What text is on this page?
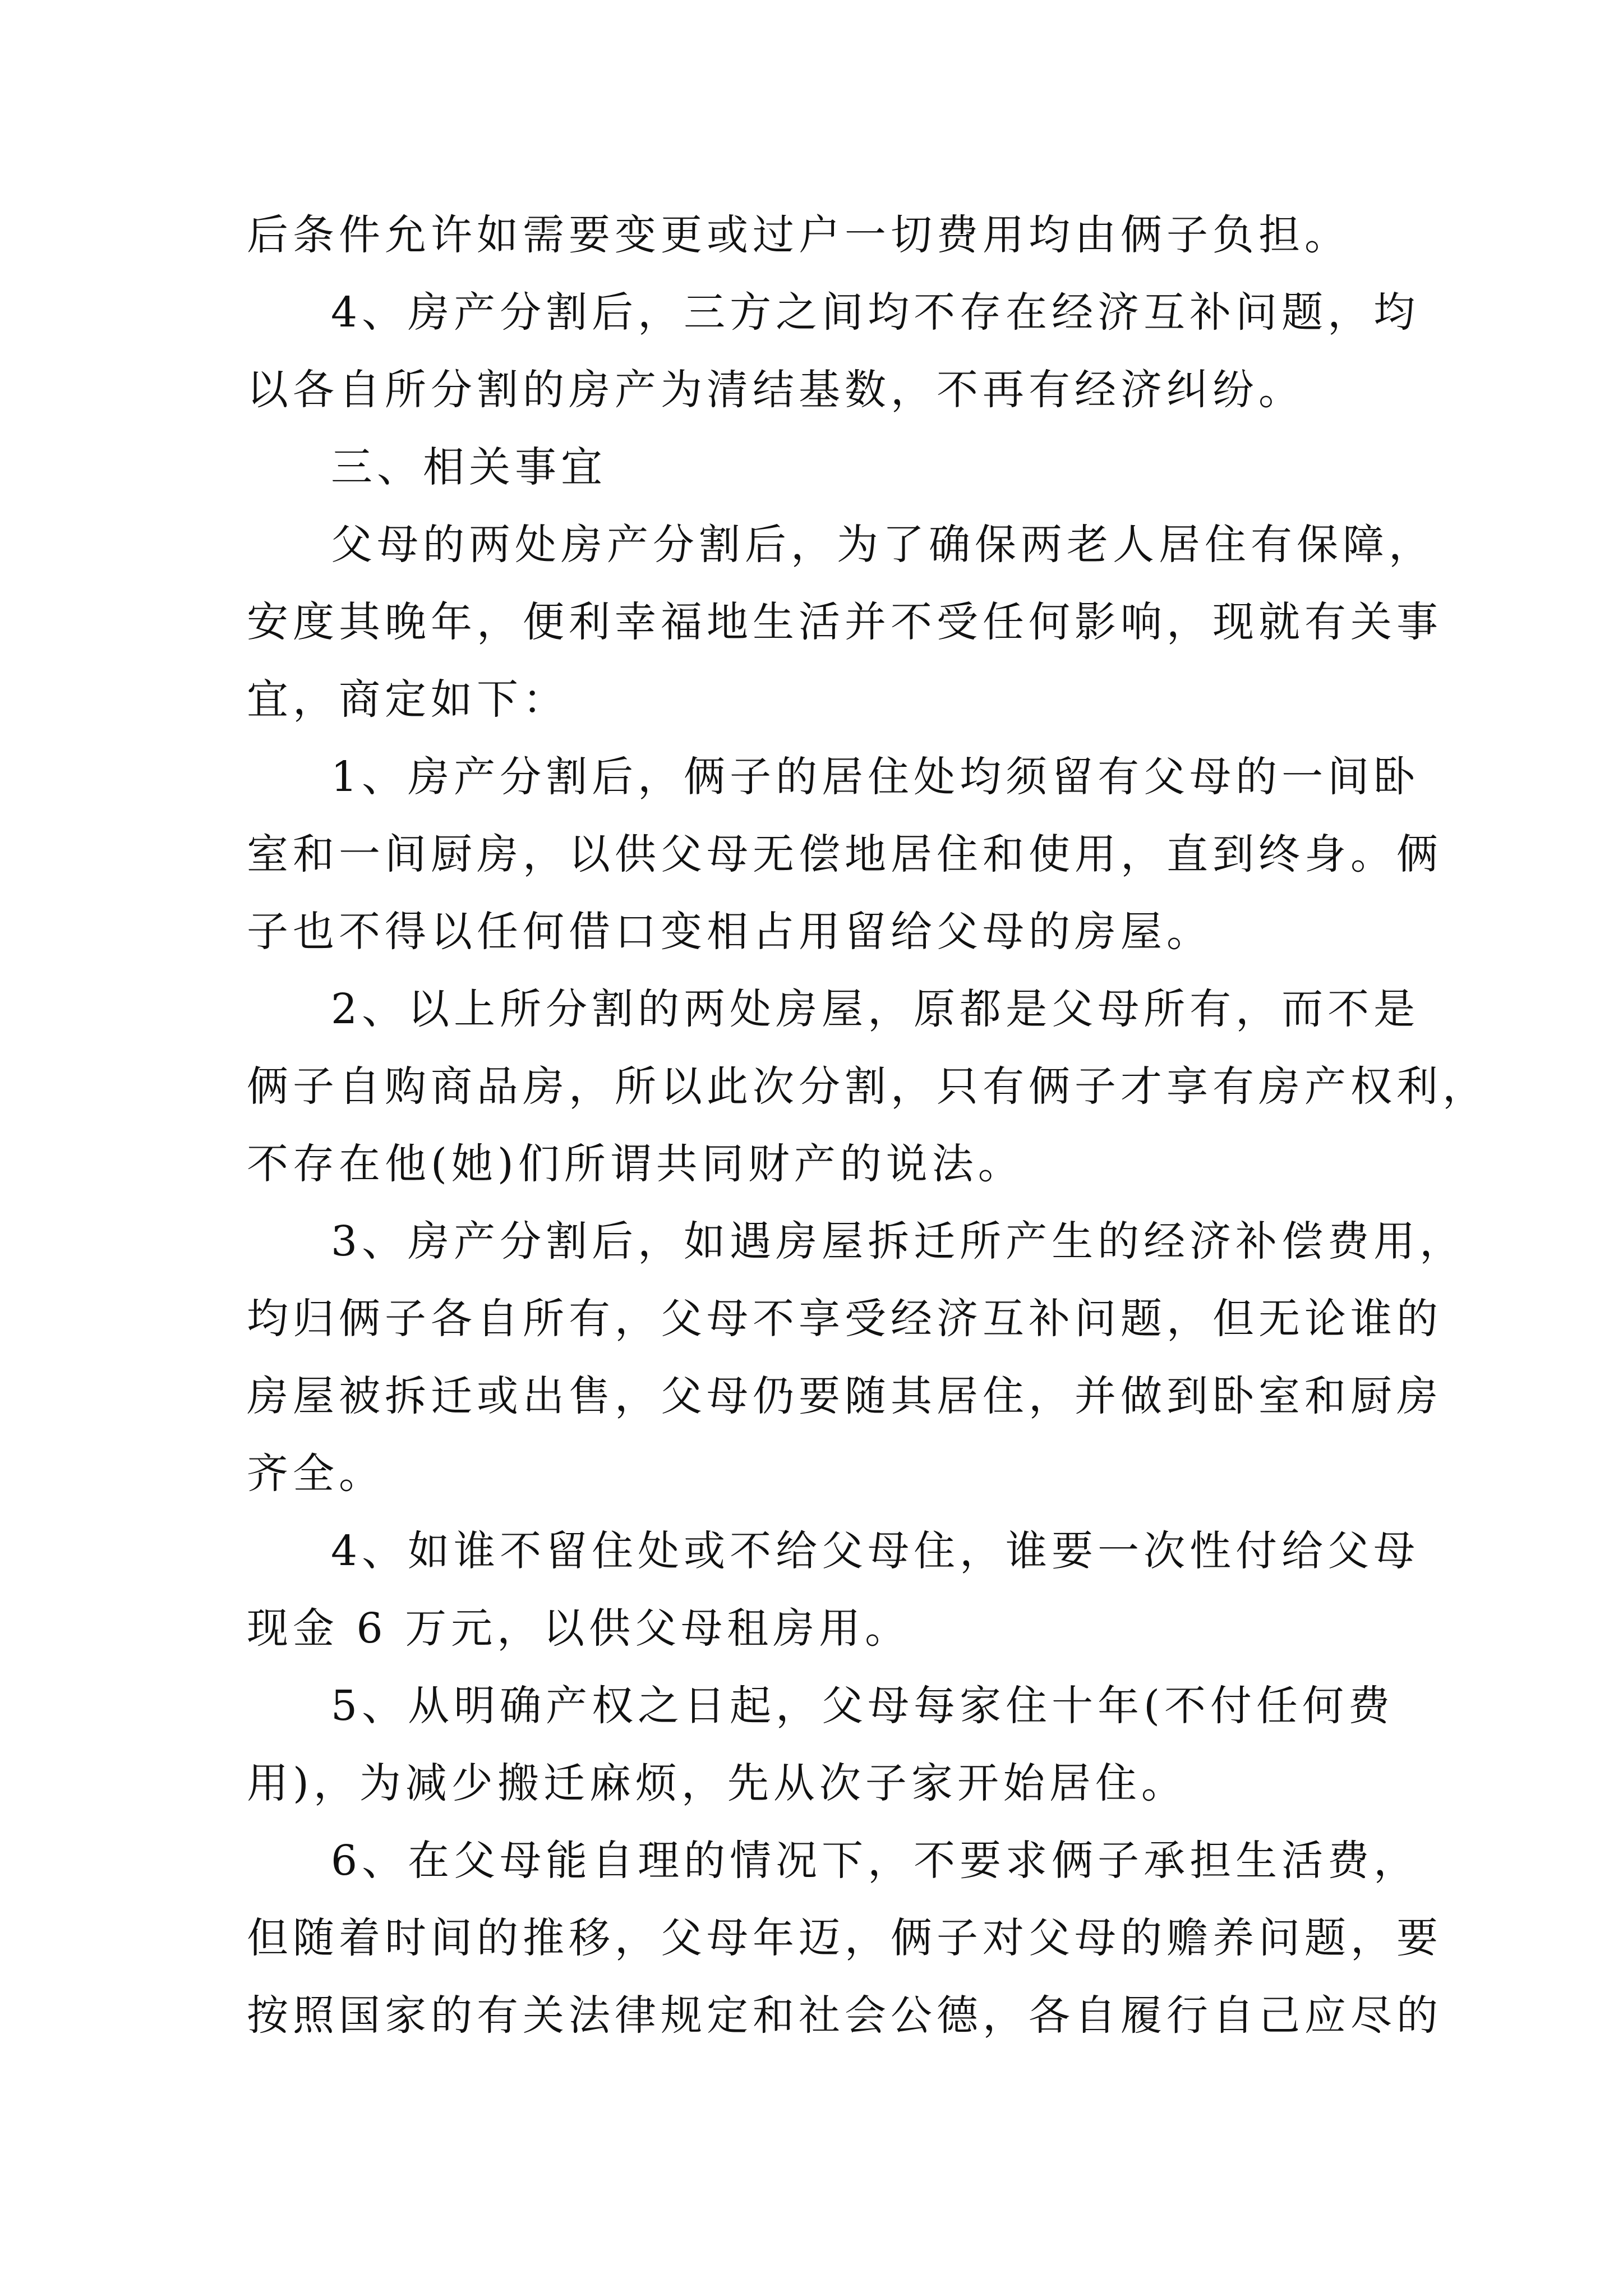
后条件允许如需要变更或过户一切费用均由俩子负担。
4、房产分割后，三方之间均不存在经济互补问题，均
以各自所分割的房产为清结基数，不再有经济纠纷。
三、相关事宜
父母的两处房产分割后，为了确保两老人居住有保障，
安度其晚年，便利幸福地生活并不受任何影响，现就有关事
宜，商定如下：
1、房产分割后，俩子的居住处均须留有父母的一间卧
室和一间厨房，以供父母无偿地居住和使用，直到终身。俩
子也不得以任何借口变相占用留给父母的房屋。
2、以上所分割的两处房屋，原都是父母所有，而不是
俩子自购商品房，所以此次分割，只有俩子才享有房产权利，
不存在他(她)们所谓共同财产的说法。
3、房产分割后，如遇房屋拆迁所产生的经济补偿费用，
均归俩子各自所有，父母不享受经济互补问题，但无论谁的
房屋被拆迁或出售，父母仍要随其居住，并做到卧室和厨房
齐全。
4、如谁不留住处或不给父母住，谁要一次性付给父母
现金 6 万元，以供父母租房用。
5、从明确产权之日起，父母每家住十年(不付任何费
用)，为减少搬迁麻烦，先从次子家开始居住。
6、在父母能自理的情况下，不要求俩子承担生活费，
但随着时间的推移，父母年迈，俩子对父母的赡养问题，要
按照国家的有关法律规定和社会公德，各自履行自己应尽的
